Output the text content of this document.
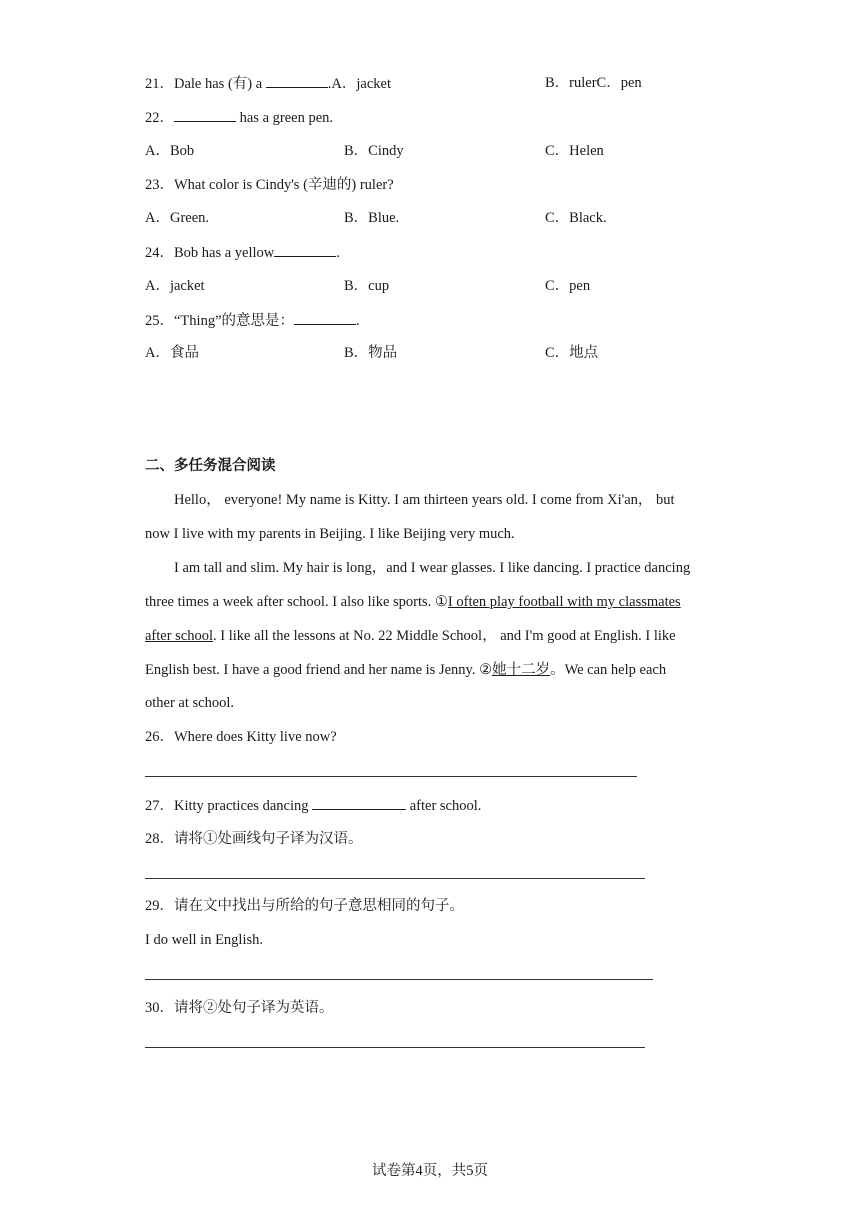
21．Dale has (有) a	.A．jacket	B．rulerC．pen
22．	has a green pen.
A．Bob	B．Cindy	C．Helen
23．What color is Cindy's (辛迪的) ruler?
A．Green.	B．Blue.	C．Black.
24．Bob has a yellow	.
A．jacket	B．cup	C．pen
25．“Thing”的意思是：	.
A．食品	B．物品	C．地点
二、多任务混合阅读
Hello， everyone! My name is Kitty. I am thirteen years old. I come from Xi'an， but
now I live with my parents in Beijing. I like Beijing very much.
I am tall and slim. My hair is long，and I wear glasses. I like dancing. I practice dancing
three times a week after school. I also like sports. ①I often play football with my classmates
after school. I like all the lessons at No. 22 Middle School， and I'm good at English. I like
English best. I have a good friend and her name is Jenny. ②她十二岁。We can help each
other at school.
26．Where does Kitty live now?
27．Kitty practices dancing	after school.
28．请将①处画线句子译为汉语。
29．请在文中找出与所给的句子意思相同的句子。
I do well in English.
30．请将②处句子译为英语。
试卷第4页，共5页
